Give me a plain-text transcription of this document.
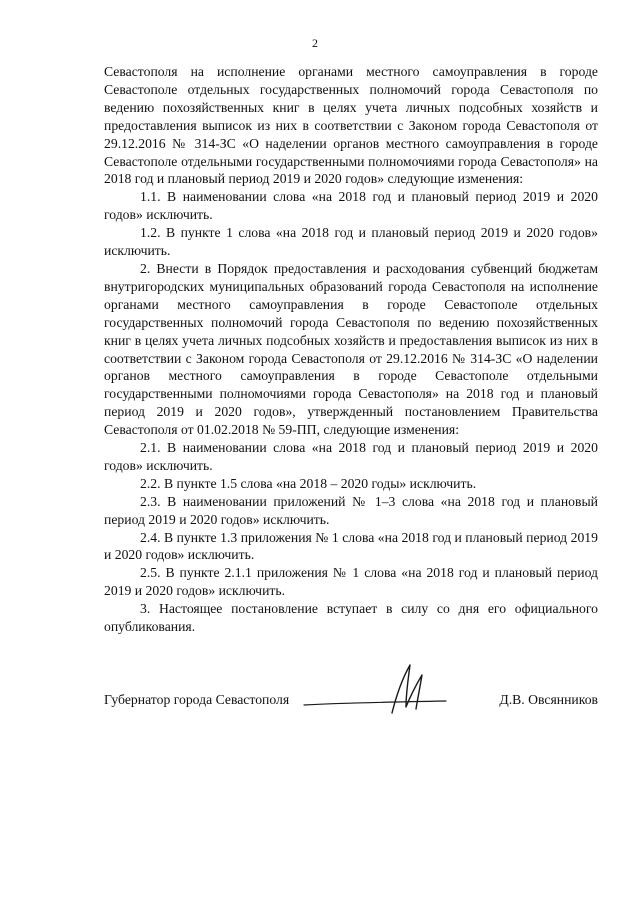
2

Севастополя на исполнение органами местного самоуправления в городе Севастополе отдельных государственных полномочий города Севастополя по ведению похозяйственных книг в целях учета личных подсобных хозяйств и предоставления выписок из них в соответствии с Законом города Севастополя от 29.12.2016 № 314-ЗС «О наделении органов местного самоуправления в городе Севастополе отдельными государственными полномочиями города Севастополя» на 2018 год и плановый период 2019 и 2020 годов» следующие изменения:

1.1. В наименовании слова «на 2018 год и плановый период 2019 и 2020 годов» исключить.

1.2. В пункте 1 слова «на 2018 год и плановый период 2019 и 2020 годов» исключить.

2. Внести в Порядок предоставления и расходования субвенций бюджетам внутригородских муниципальных образований города Севастополя на исполнение органами местного самоуправления в городе Севастополе отдельных государственных полномочий города Севастополя по ведению похозяйственных книг в целях учета личных подсобных хозяйств и предоставления выписок из них в соответствии с Законом города Севастополя от 29.12.2016 № 314-ЗС «О наделении органов местного самоуправления в городе Севастополе отдельными государственными полномочиями города Севастополя» на 2018 год и плановый период 2019 и 2020 годов», утвержденный постановлением Правительства Севастополя от 01.02.2018 № 59-ПП, следующие изменения:

2.1. В наименовании слова «на 2018 год и плановый период 2019 и 2020 годов» исключить.

2.2. В пункте 1.5 слова «на 2018 – 2020 годы» исключить.

2.3. В наименовании приложений № 1–3 слова «на 2018 год и плановый период 2019 и 2020 годов» исключить.

2.4. В пункте 1.3 приложения № 1 слова «на 2018 год и плановый период 2019 и 2020 годов» исключить.

2.5. В пункте 2.1.1 приложения № 1 слова «на 2018 год и плановый период 2019 и 2020 годов» исключить.

3. Настоящее постановление вступает в силу со дня его официального опубликования.

Губернатор города Севастополя	Д.В. Овсянников
